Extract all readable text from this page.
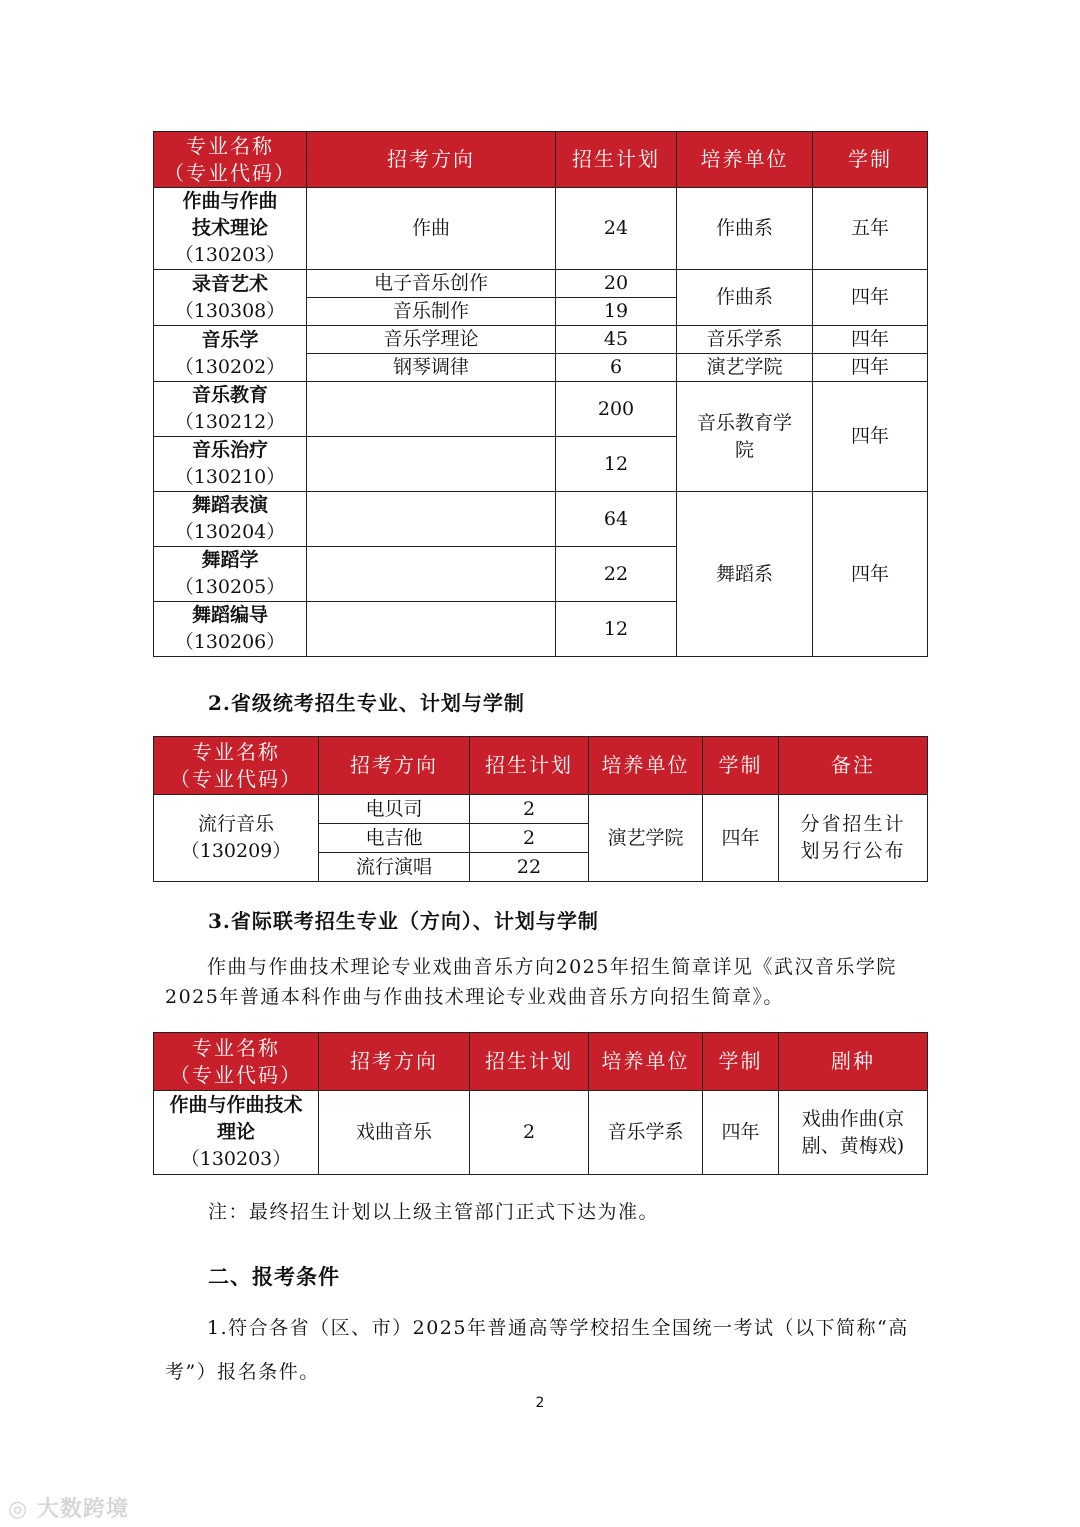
专业名称
（专业代码）	招考方向	招生计划	培养单位	学制
作曲与作曲
技术理论
（130203）	作曲	24	作曲系	五年
录音艺术
（130308）	电子音乐创作	20	作曲系	四年
	音乐制作	19		
音乐学
（130202）	音乐学理论	45	音乐学系	四年
	钢琴调律	6	演艺学院	四年
音乐教育
（130212）		200	音乐教育学院	四年
音乐治疗
（130210）		12		
舞蹈表演
（130204）		64	舞蹈系	四年
舞蹈学
（130205）		22		
舞蹈编导
（130206）		12		
2.省级统考招生专业、计划与学制
专业名称
（专业代码）	招考方向	招生计划	培养单位	学制	备注
流行音乐
（130209）	电贝司	2	演艺学院	四年	分省招生计划另行公布
	电吉他	2			
	流行演唱	22			
3.省际联考招生专业（方向）、计划与学制
作曲与作曲技术理论专业戏曲音乐方向2025年招生简章详见《武汉音乐学院2025年普通本科作曲与作曲技术理论专业戏曲音乐方向招生简章》。
专业名称
（专业代码）	招考方向	招生计划	培养单位	学制	剧种
作曲与作曲技术理论
（130203）	戏曲音乐	2	音乐学系	四年	戏曲作曲(京剧、黄梅戏)
注：最终招生计划以上级主管部门正式下达为准。
二、报考条件
1.符合各省（区、市）2025年普通高等学校招生全国统一考试（以下简称“高考”）报名条件。
2
◎ 大数跨境
